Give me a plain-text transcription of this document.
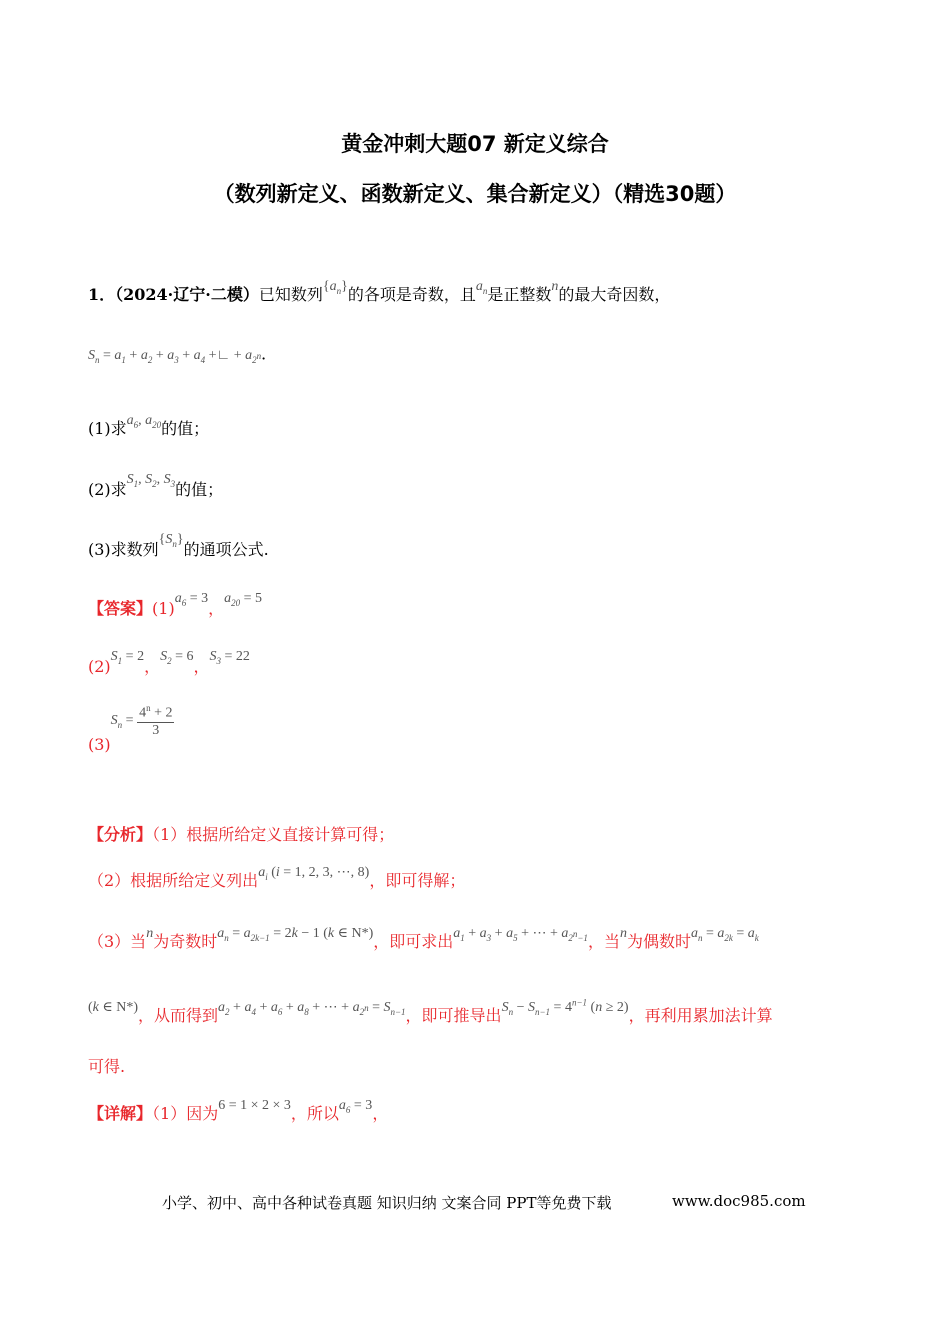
黄金冲刺大题07 新定义综合
（数列新定义、函数新定义、集合新定义）（精选30题）
1．（2024·辽宁·二模）已知数列$\{a_n\}$的各项是奇数，且$a_n$是正整数n的最大奇因数，
$S_n = a_1 + a_2 + a_3 + a_4$ +∟ + $a_{2^n}$．
(1)求$a_6$, $a_{20}$的值；
(2)求$S_1$, $S_2$, $S_3$的值；
(3)求数列$\{S_n\}$的通项公式.
【答案】$(1)a_6 = 3$，$a_{20} = 5$
$(2)S_1 = 2$，$S_2 = 6$，$S_3 = 22$
$(3)S_n = \frac{4^n + 2}{3}$
【分析】（1）根据所给定义直接计算可得；
（2）根据所给定义列出$a_i$ (i = 1, 2, 3, ⋯, 8)，即可得解；
（3）当n为奇数时$a_n = a_{2k-1} = 2k - 1$ (k ∈ N*)，即可求出$a_1 + a_3 + a_5$ + ⋯ + $a_{2^n-1}$，当n为偶数时$a_n = a_{2k} = a_k$
(k ∈ N*)，从而得到$a_2 + a_4 + a_6 + a_8$ + ⋯ + $a_{2^n} = S_{n-1}$，即可推导出$S_n - S_{n-1} = 4^{n-1}$ (n ≥ 2)，再利用累加法计算
可得.
【详解】（1）因为6 = 1 × 2 × 3，所以$a_6 = 3$，
小学、初中、高中各种试卷真题 知识归纳 文案合同 PPT等免费下载	www.doc985.com
